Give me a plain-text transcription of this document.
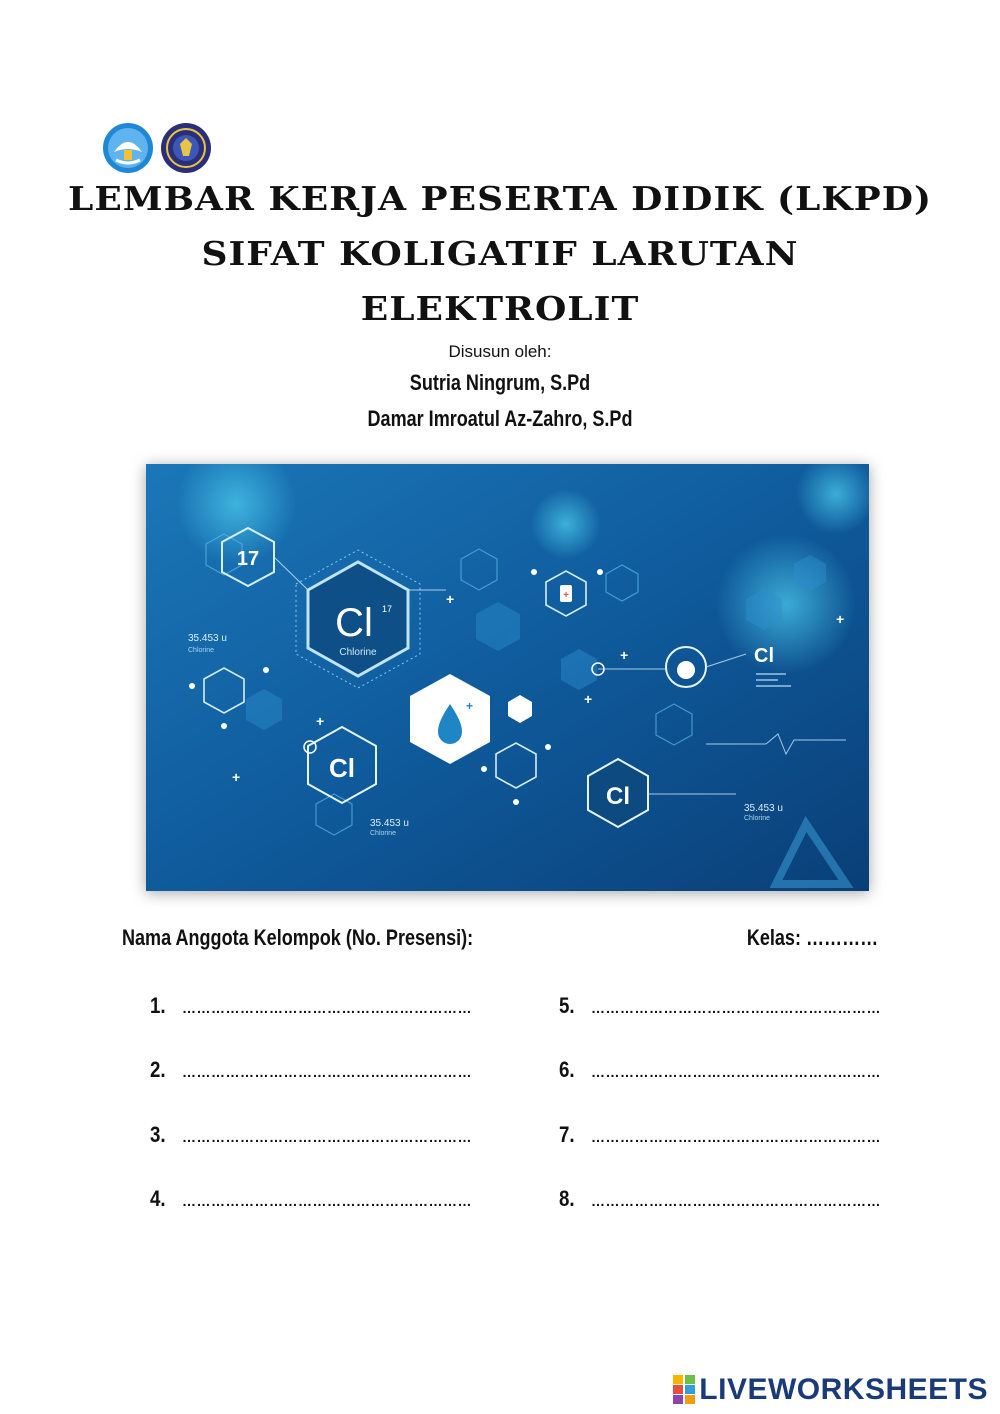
LEMBAR KERJA PESERTA DIDIK (LKPD)
SIFAT KOLIGATIF LARUTAN
ELEKTROLIT
Disusun oleh:
Sutria Ningrum, S.Pd
Damar Imroatul Az-Zahro, S.Pd
17
35.453 u
Chlorine
Cl 17
Chlorine
+
Cl
35.453 u
Chlorine
Cl	35.453 u
Chlorine
Cl
+
+
+
+
+
+
+
Nama Anggota Kelompok (No. Presensi):	Kelas: …………
1.	……………………………………………………
2.	……………………………………………………
3.	……………………………………………………
4.	……………………………………………………
5.	……………………………………………………
6.	……………………………………………………
7.	……………………………………………………
8.	……………………………………………………
LIVEWORKSHEETS
